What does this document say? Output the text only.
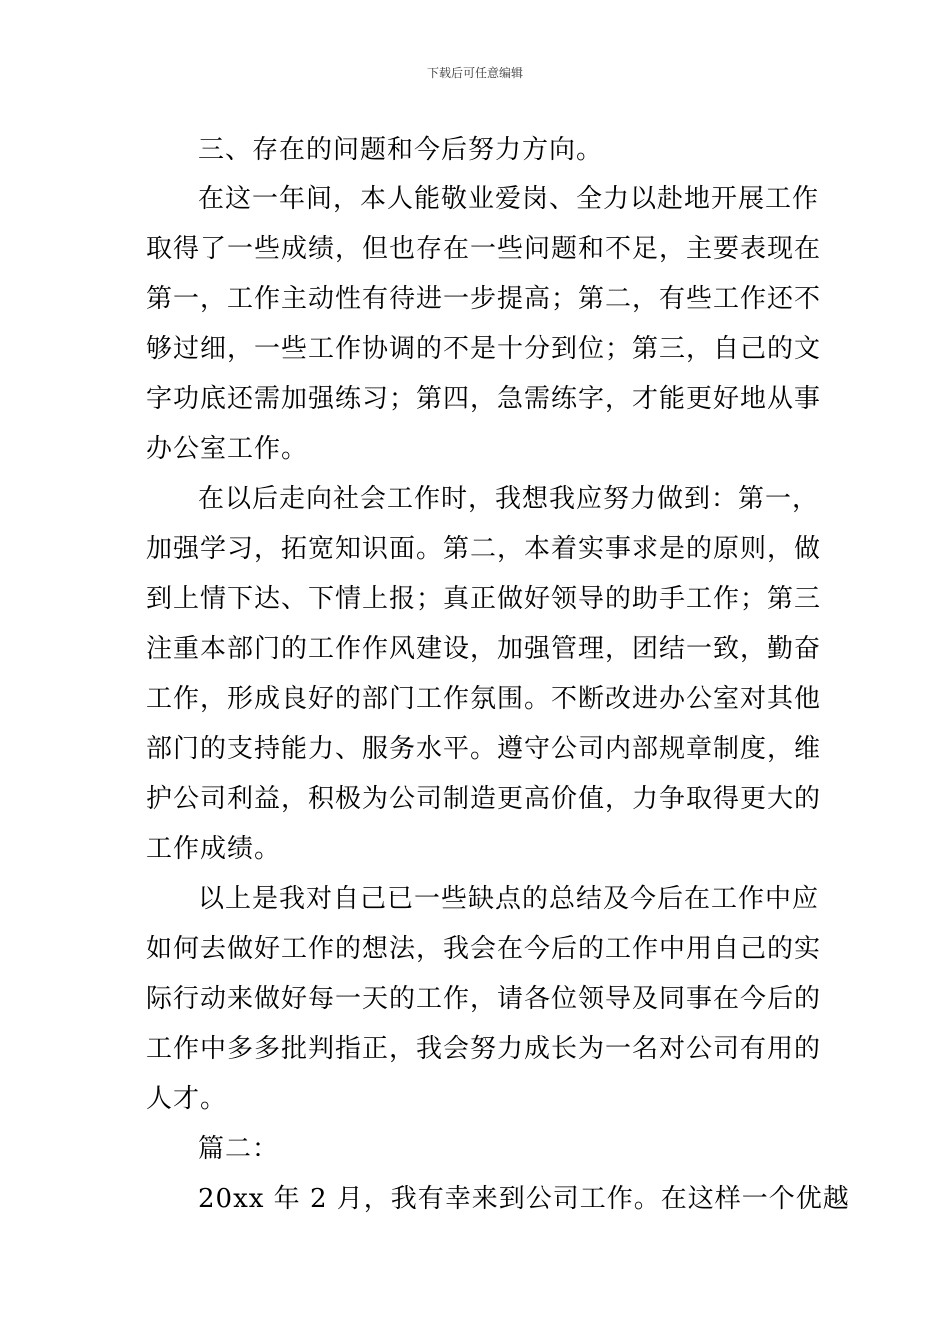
下载后可任意编辑
三、存在的问题和今后努力方向。
在这一年间，本人能敬业爱岗、全力以赴地开展工作
取得了一些成绩，但也存在一些问题和不足，主要表现在
第一，工作主动性有待进一步提高；第二，有些工作还不
够过细，一些工作协调的不是十分到位；第三，自己的文
字功底还需加强练习；第四，急需练字，才能更好地从事
办公室工作。
在以后走向社会工作时，我想我应努力做到：第一，
加强学习，拓宽知识面。第二，本着实事求是的原则，做
到上情下达、下情上报；真正做好领导的助手工作；第三
注重本部门的工作作风建设，加强管理，团结一致，勤奋
工作，形成良好的部门工作氛围。不断改进办公室对其他
部门的支持能力、服务水平。遵守公司内部规章制度，维
护公司利益，积极为公司制造更高价值，力争取得更大的
工作成绩。
以上是我对自己已一些缺点的总结及今后在工作中应
如何去做好工作的想法，我会在今后的工作中用自己的实
际行动来做好每一天的工作，请各位领导及同事在今后的
工作中多多批判指正，我会努力成长为一名对公司有用的
人才。
篇二：
20xx 年 2 月，我有幸来到公司工作。在这样一个优越
